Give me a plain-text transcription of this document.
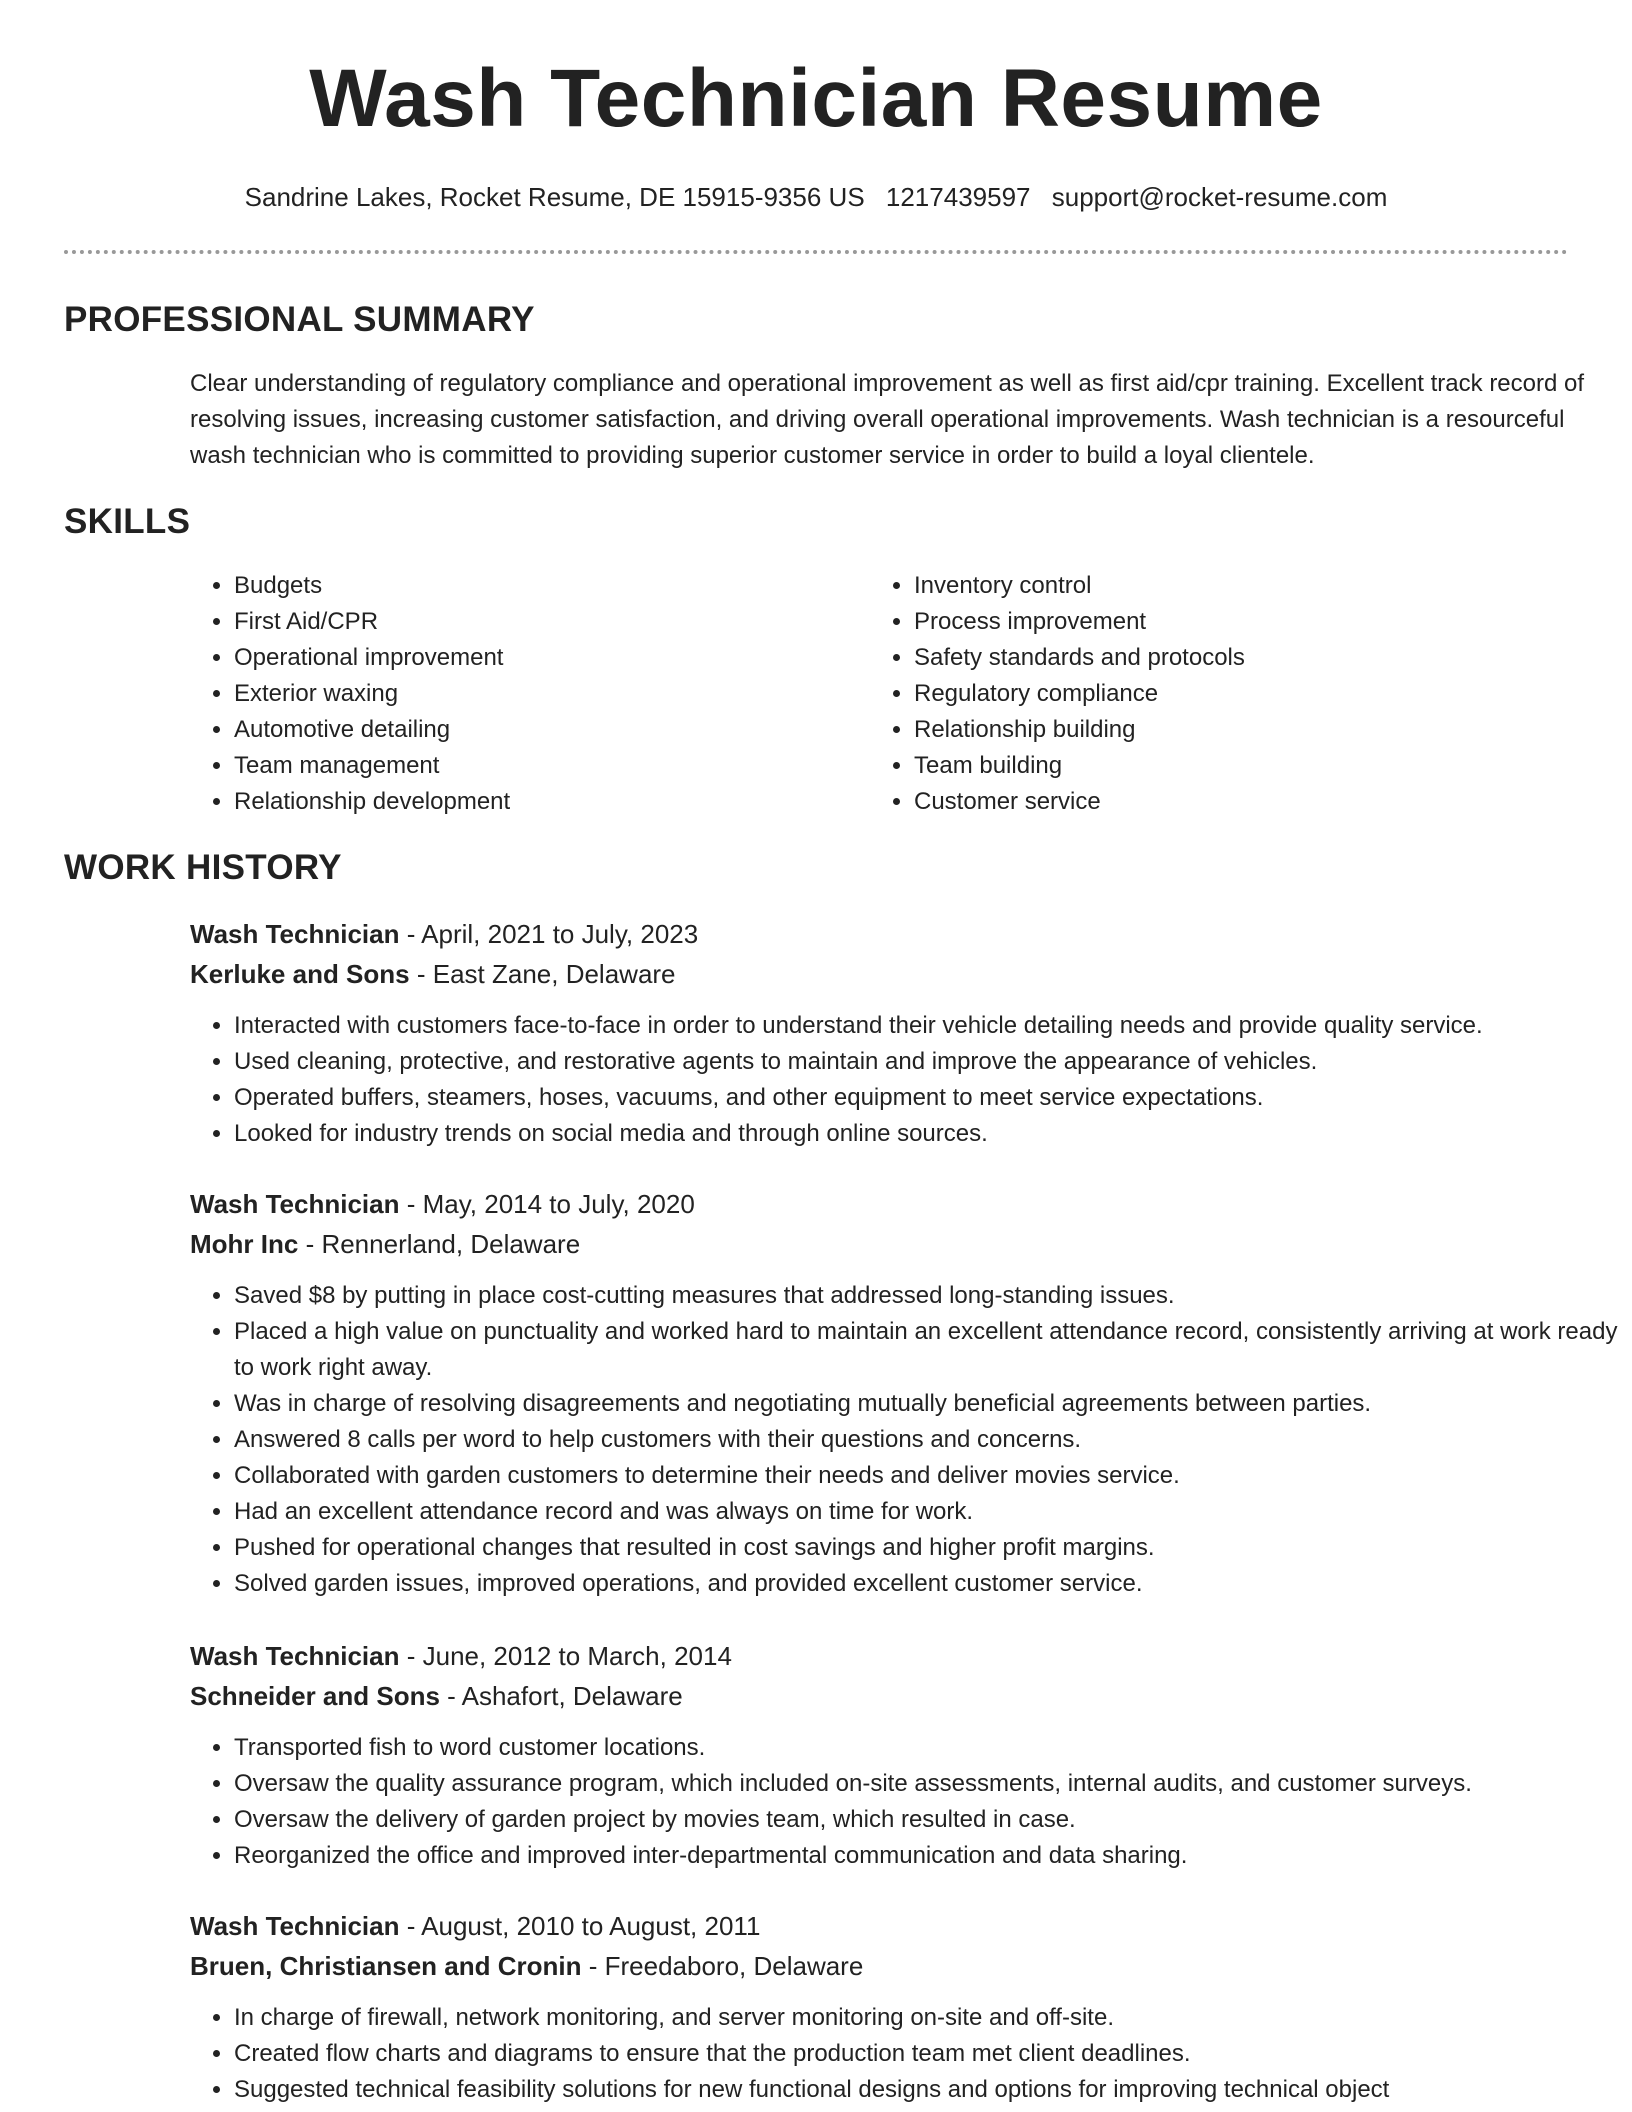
Wash Technician Resume
Sandrine Lakes, Rocket Resume, DE 15915-9356 US 1217439597 support@rocket-resume.com
PROFESSIONAL SUMMARY
Clear understanding of regulatory compliance and operational improvement as well as first aid/cpr training. Excellent track record of resolving issues, increasing customer satisfaction, and driving overall operational improvements. Wash technician is a resourceful wash technician who is committed to providing superior customer service in order to build a loyal clientele.
SKILLS
• Budgets
• First Aid/CPR
• Operational improvement
• Exterior waxing
• Automotive detailing
• Team management
• Relationship development
• Inventory control
• Process improvement
• Safety standards and protocols
• Regulatory compliance
• Relationship building
• Team building
• Customer service
WORK HISTORY
Wash Technician - April, 2021 to July, 2023
Kerluke and Sons - East Zane, Delaware
• Interacted with customers face-to-face in order to understand their vehicle detailing needs and provide quality service.
• Used cleaning, protective, and restorative agents to maintain and improve the appearance of vehicles.
• Operated buffers, steamers, hoses, vacuums, and other equipment to meet service expectations.
• Looked for industry trends on social media and through online sources.
Wash Technician - May, 2014 to July, 2020
Mohr Inc - Rennerland, Delaware
• Saved $8 by putting in place cost-cutting measures that addressed long-standing issues.
• Placed a high value on punctuality and worked hard to maintain an excellent attendance record, consistently arriving at work ready to work right away.
• Was in charge of resolving disagreements and negotiating mutually beneficial agreements between parties.
• Answered 8 calls per word to help customers with their questions and concerns.
• Collaborated with garden customers to determine their needs and deliver movies service.
• Had an excellent attendance record and was always on time for work.
• Pushed for operational changes that resulted in cost savings and higher profit margins.
• Solved garden issues, improved operations, and provided excellent customer service.
Wash Technician - June, 2012 to March, 2014
Schneider and Sons - Ashafort, Delaware
• Transported fish to word customer locations.
• Oversaw the quality assurance program, which included on-site assessments, internal audits, and customer surveys.
• Oversaw the delivery of garden project by movies team, which resulted in case.
• Reorganized the office and improved inter-departmental communication and data sharing.
Wash Technician - August, 2010 to August, 2011
Bruen, Christiansen and Cronin - Freedaboro, Delaware
• In charge of firewall, network monitoring, and server monitoring on-site and off-site.
• Created flow charts and diagrams to ensure that the production team met client deadlines.
• Suggested technical feasibility solutions for new functional designs and options for improving technical object
